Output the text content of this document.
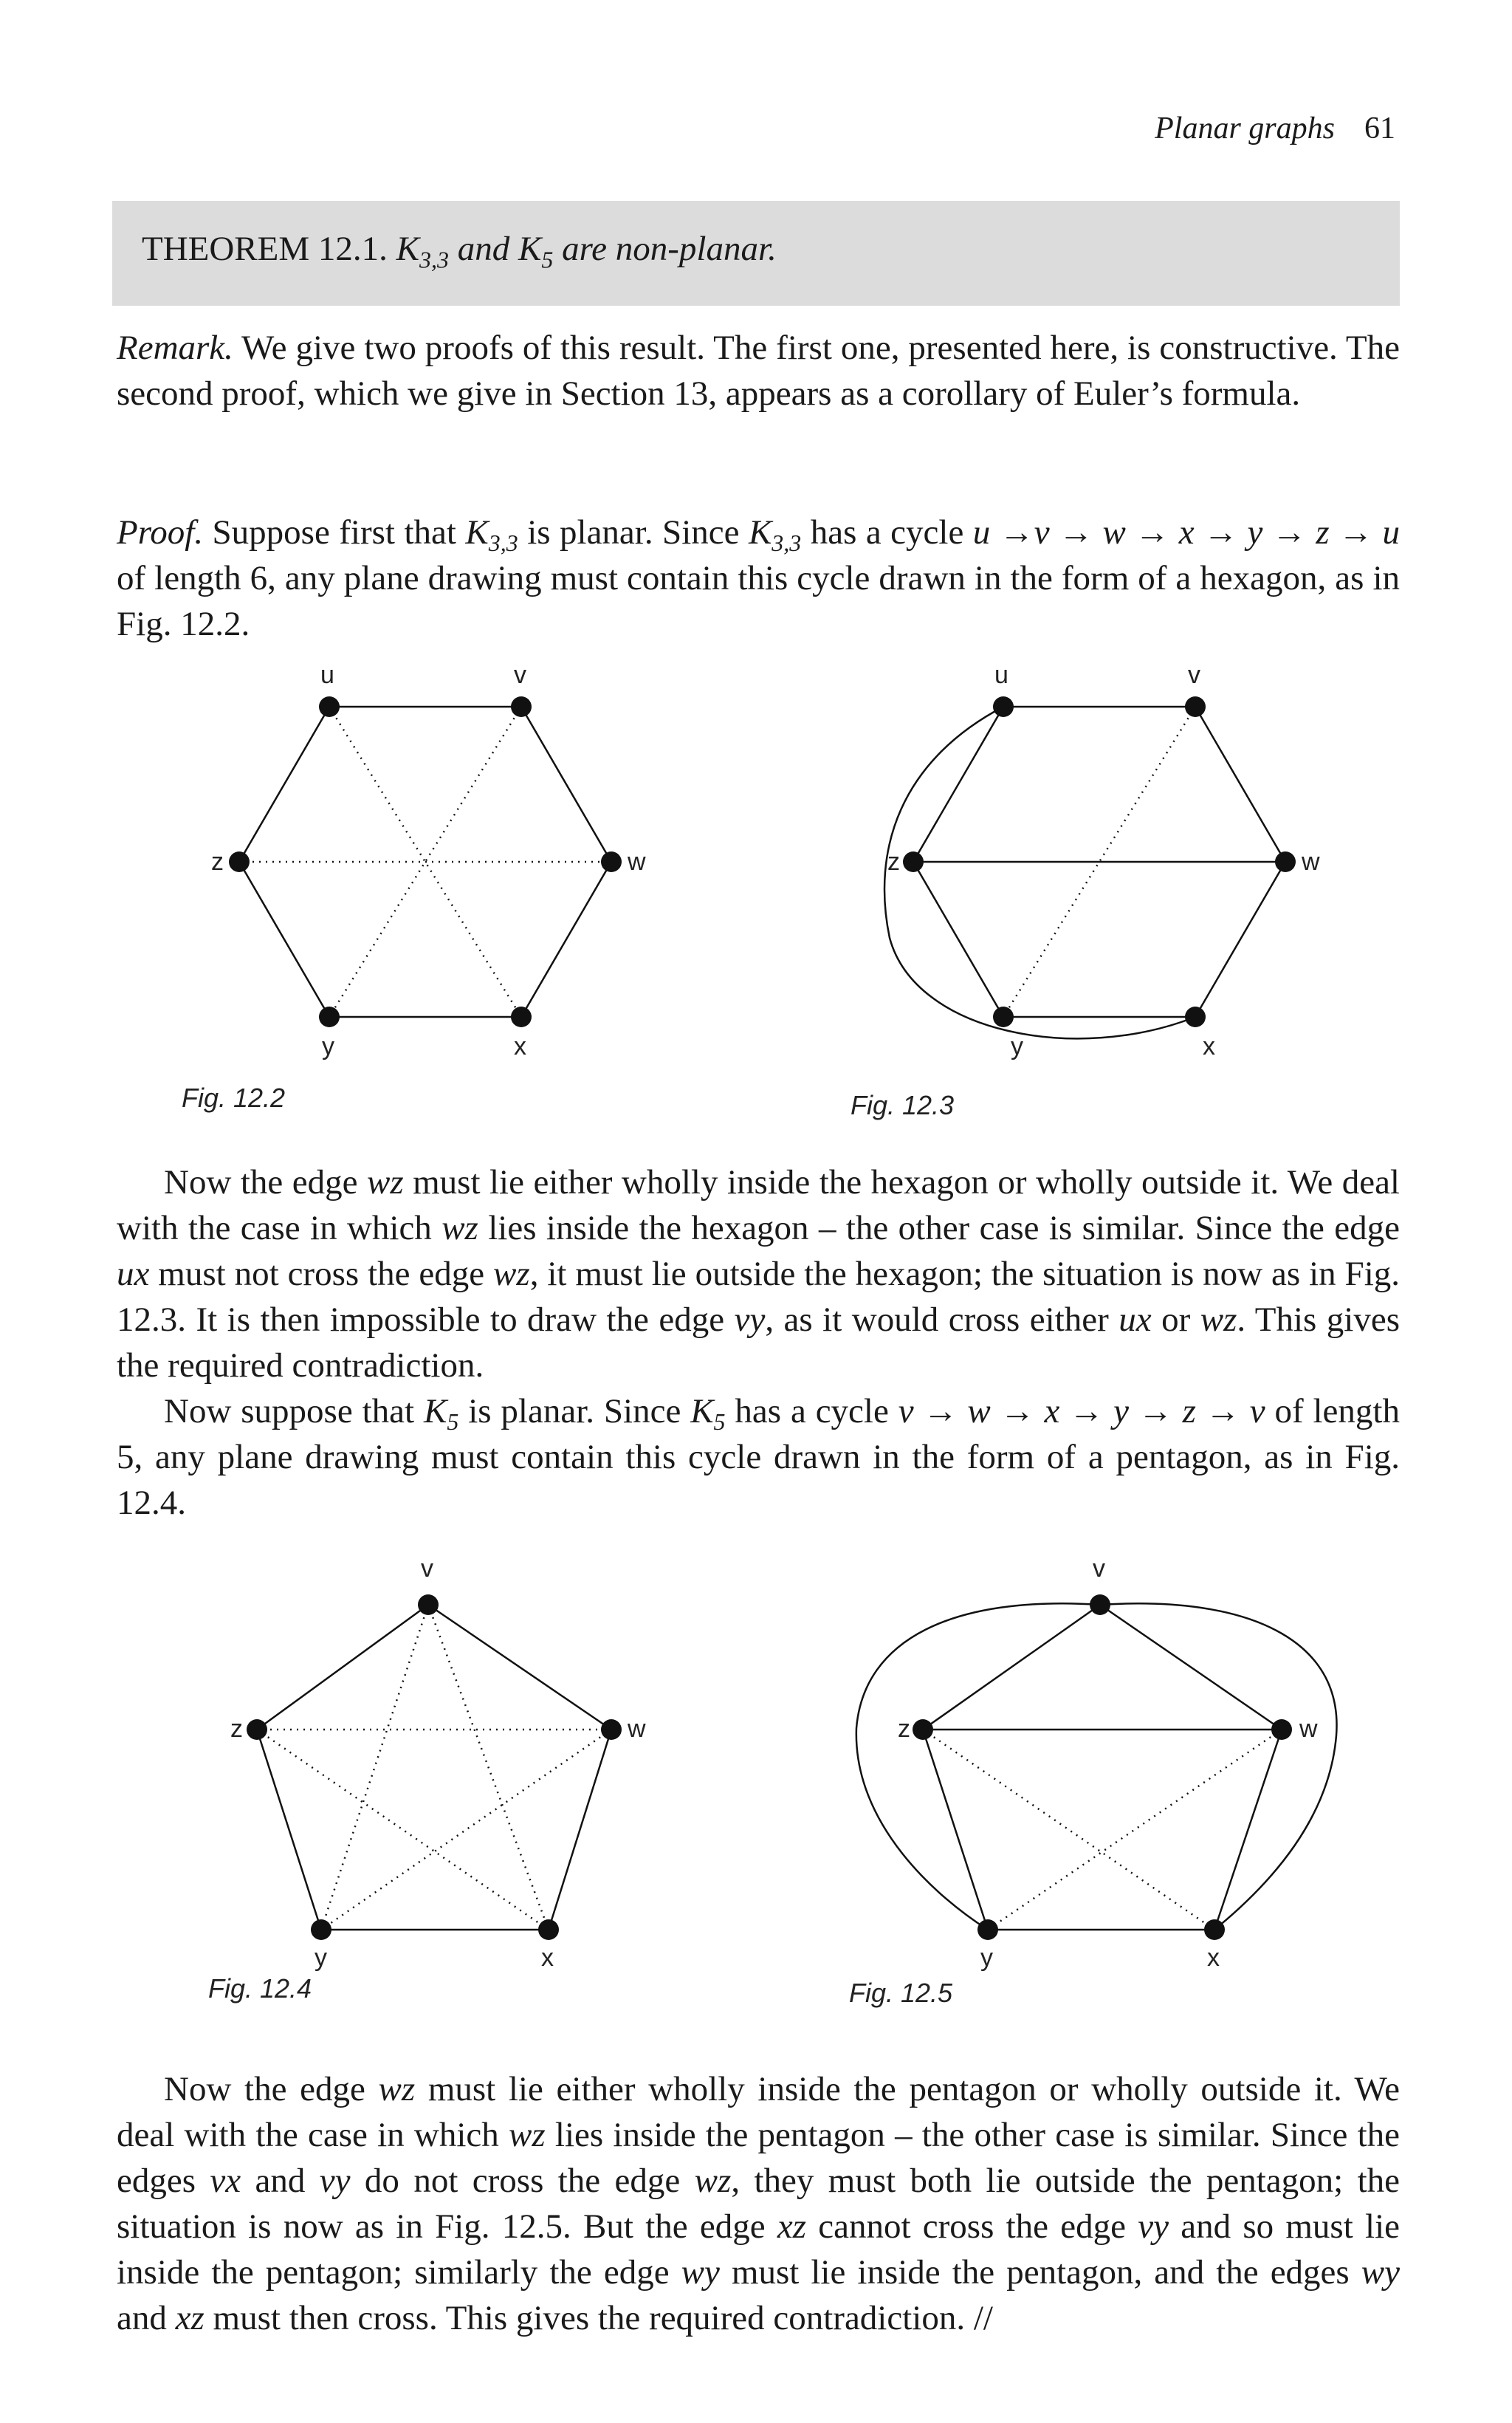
Planar graphs 61
THEOREM 12.1. $K_{3,3}$ and $K_5$ are non-planar.

Remark. We give two proofs of this result. The first one, presented here, is constructive. The second proof, which we give in Section 13, appears as a corollary of Euler’s formula.

Proof. Suppose first that $K_{3,3}$ is planar. Since $K_{3,3}$ has a cycle u →v → w → x → y → z → u of length 6, any plane drawing must contain this cycle drawn in the form of a hexagon, as in Fig. 12.2.

u	v
w
x
y
z
Fig. 12.2
u	v
w
x
y
z
Fig. 12.3

Now the edge wz must lie either wholly inside the hexagon or wholly outside it. We deal with the case in which wz lies inside the hexagon – the other case is similar. Since the edge ux must not cross the edge wz, it must lie outside the hexagon; the situation is now as in Fig. 12.3. It is then impossible to draw the edge vy, as it would cross either ux or wz. This gives the required contradiction.

Now suppose that $K_5$ is planar. Since $K_5$ has a cycle v → w → x → y → z → v of length 5, any plane drawing must contain this cycle drawn in the form of a pentagon, as in Fig. 12.4.

v
w
x
y
z
Fig. 12.4
v
w
x
y
z
Fig. 12.5

Now the edge wz must lie either wholly inside the pentagon or wholly outside it. We deal with the case in which wz lies inside the pentagon – the other case is similar. Since the edges vx and vy do not cross the edge wz, they must both lie outside the pentagon; the situation is now as in Fig. 12.5. But the edge xz cannot cross the edge vy and so must lie inside the pentagon; similarly the edge wy must lie inside the pentagon, and the edges wy and xz must then cross. This gives the required contradiction. //
